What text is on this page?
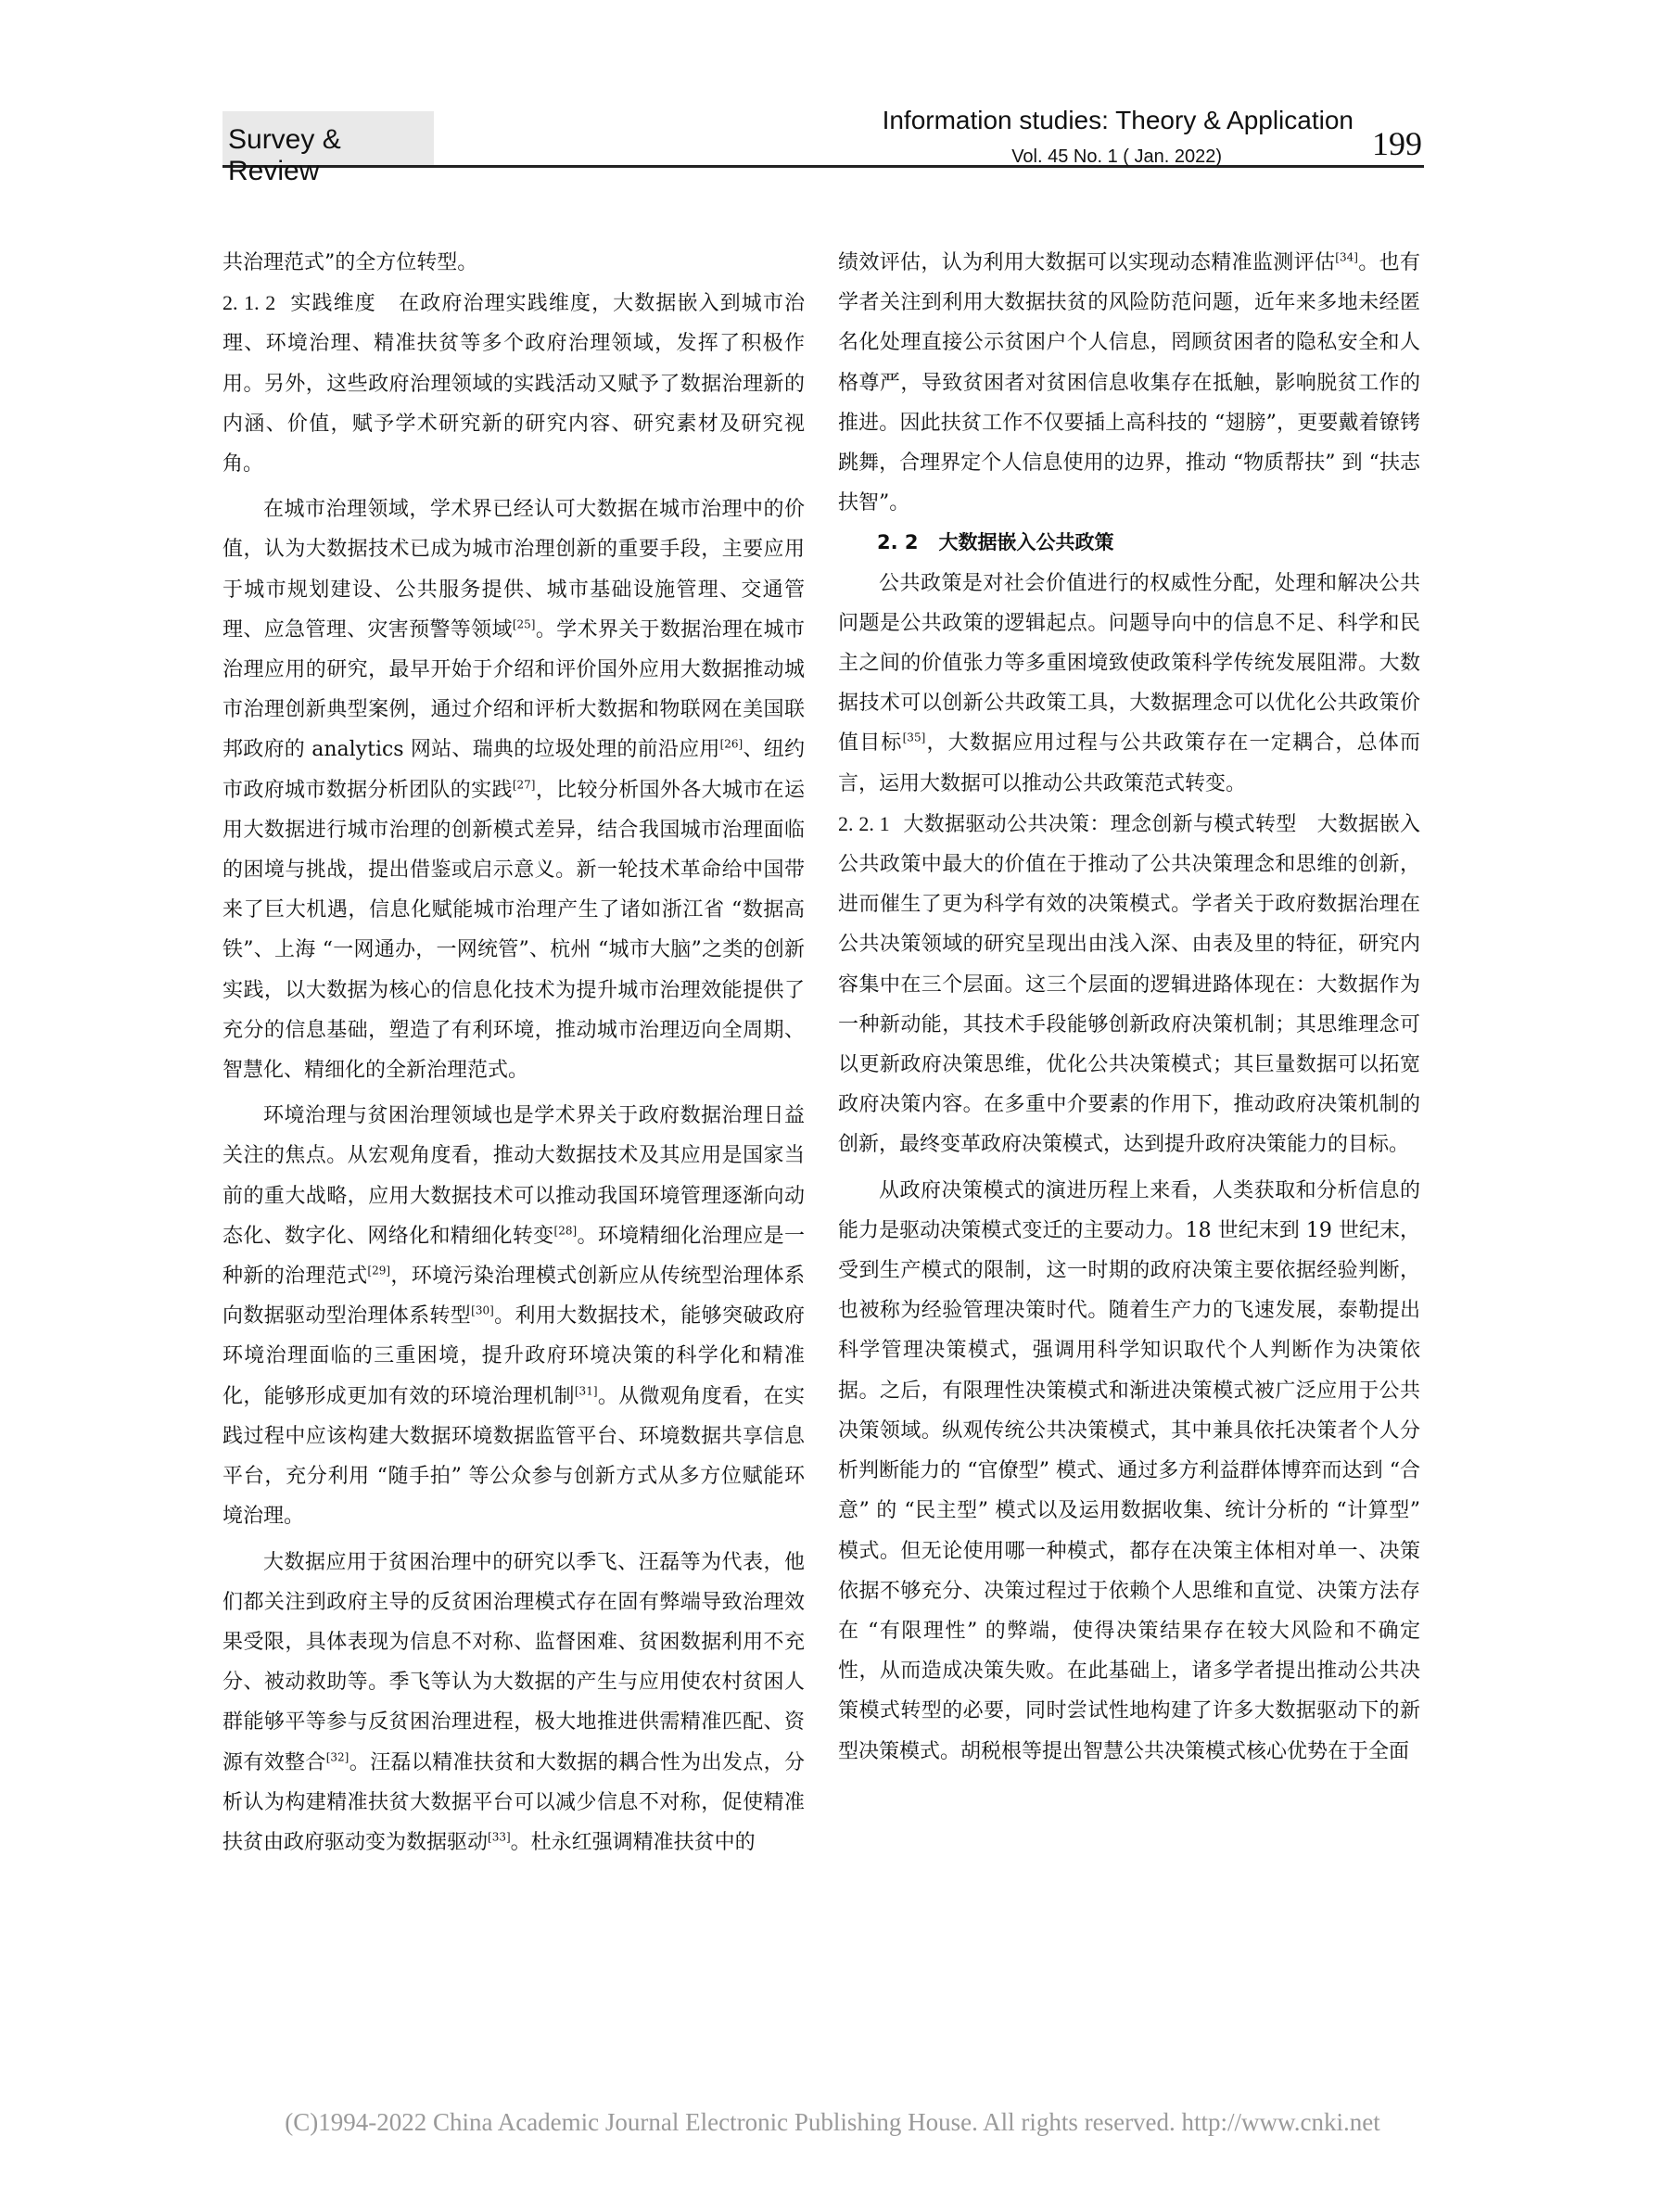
Survey & Review
Information studies: Theory & Application
Vol. 45 No. 1 ( Jan. 2022)	199

共治理范式”的全方位转型。

2. 1. 2 实践维度 在政府治理实践维度，大数据嵌入到城市治理、环境治理、精准扶贫等多个政府治理领域，发挥了积极作用。另外，这些政府治理领域的实践活动又赋予了数据治理新的内涵、价值，赋予学术研究新的研究内容、研究素材及研究视角。

在城市治理领域，学术界已经认可大数据在城市治理中的价值，认为大数据技术已成为城市治理创新的重要手段，主要应用于城市规划建设、公共服务提供、城市基础设施管理、交通管理、应急管理、灾害预警等领域[25]。学术界关于数据治理在城市治理应用的研究，最早开始于介绍和评价国外应用大数据推动城市治理创新典型案例，通过介绍和评析大数据和物联网在美国联邦政府的 analytics 网站、瑞典的垃圾处理的前沿应用[26]、纽约市政府城市数据分析团队的实践[27]，比较分析国外各大城市在运用大数据进行城市治理的创新模式差异，结合我国城市治理面临的困境与挑战，提出借鉴或启示意义。新一轮技术革命给中国带来了巨大机遇，信息化赋能城市治理产生了诸如浙江省 “数据高铁”、上海 “一网通办，一网统管”、杭州 “城市大脑”之类的创新实践，以大数据为核心的信息化技术为提升城市治理效能提供了充分的信息基础，塑造了有利环境，推动城市治理迈向全周期、智慧化、精细化的全新治理范式。

环境治理与贫困治理领域也是学术界关于政府数据治理日益关注的焦点。从宏观角度看，推动大数据技术及其应用是国家当前的重大战略，应用大数据技术可以推动我国环境管理逐渐向动态化、数字化、网络化和精细化转变[28]。环境精细化治理应是一种新的治理范式[29]，环境污染治理模式创新应从传统型治理体系向数据驱动型治理体系转型[30]。利用大数据技术，能够突破政府环境治理面临的三重困境，提升政府环境决策的科学化和精准化，能够形成更加有效的环境治理机制[31]。从微观角度看，在实践过程中应该构建大数据环境数据监管平台、环境数据共享信息平台，充分利用 “随手拍” 等公众参与创新方式从多方位赋能环境治理。

大数据应用于贫困治理中的研究以季飞、汪磊等为代表，他们都关注到政府主导的反贫困治理模式存在固有弊端导致治理效果受限，具体表现为信息不对称、监督困难、贫困数据利用不充分、被动救助等。季飞等认为大数据的产生与应用使农村贫困人群能够平等参与反贫困治理进程，极大地推进供需精准匹配、资源有效整合[32]。汪磊以精准扶贫和大数据的耦合性为出发点，分析认为构建精准扶贫大数据平台可以减少信息不对称，促使精准扶贫由政府驱动变为数据驱动[33]。杜永红强调精准扶贫中的

绩效评估，认为利用大数据可以实现动态精准监测评估[34]。也有学者关注到利用大数据扶贫的风险防范问题，近年来多地未经匿名化处理直接公示贫困户个人信息，罔顾贫困者的隐私安全和人格尊严，导致贫困者对贫困信息收集存在抵触，影响脱贫工作的推进。因此扶贫工作不仅要插上高科技的 “翅膀”，更要戴着镣铐跳舞，合理界定个人信息使用的边界，推动 “物质帮扶” 到 “扶志扶智”。

2. 2 大数据嵌入公共政策

公共政策是对社会价值进行的权威性分配，处理和解决公共问题是公共政策的逻辑起点。问题导向中的信息不足、科学和民主之间的价值张力等多重困境致使政策科学传统发展阻滞。大数据技术可以创新公共政策工具，大数据理念可以优化公共政策价值目标[35]，大数据应用过程与公共政策存在一定耦合，总体而言，运用大数据可以推动公共政策范式转变。

2. 2. 1 大数据驱动公共决策：理念创新与模式转型 大数据嵌入公共政策中最大的价值在于推动了公共决策理念和思维的创新，进而催生了更为科学有效的决策模式。学者关于政府数据治理在公共决策领域的研究呈现出由浅入深、由表及里的特征，研究内容集中在三个层面。这三个层面的逻辑进路体现在：大数据作为一种新动能，其技术手段能够创新政府决策机制；其思维理念可以更新政府决策思维，优化公共决策模式；其巨量数据可以拓宽政府决策内容。在多重中介要素的作用下，推动政府决策机制的创新，最终变革政府决策模式，达到提升政府决策能力的目标。

从政府决策模式的演进历程上来看，人类获取和分析信息的能力是驱动决策模式变迁的主要动力。18 世纪末到 19 世纪末，受到生产模式的限制，这一时期的政府决策主要依据经验判断，也被称为经验管理决策时代。随着生产力的飞速发展，泰勒提出科学管理决策模式，强调用科学知识取代个人判断作为决策依据。之后，有限理性决策模式和渐进决策模式被广泛应用于公共决策领域。纵观传统公共决策模式，其中兼具依托决策者个人分析判断能力的 “官僚型” 模式、通过多方利益群体博弈而达到 “合意” 的 “民主型” 模式以及运用数据收集、统计分析的 “计算型” 模式。但无论使用哪一种模式，都存在决策主体相对单一、决策依据不够充分、决策过程过于依赖个人思维和直觉、决策方法存在 “有限理性” 的弊端，使得决策结果存在较大风险和不确定性，从而造成决策失败。在此基础上，诸多学者提出推动公共决策模式转型的必要，同时尝试性地构建了许多大数据驱动下的新型决策模式。胡税根等提出智慧公共决策模式核心优势在于全面

(C)1994-2022 China Academic Journal Electronic Publishing House. All rights reserved. http://www.cnki.net
